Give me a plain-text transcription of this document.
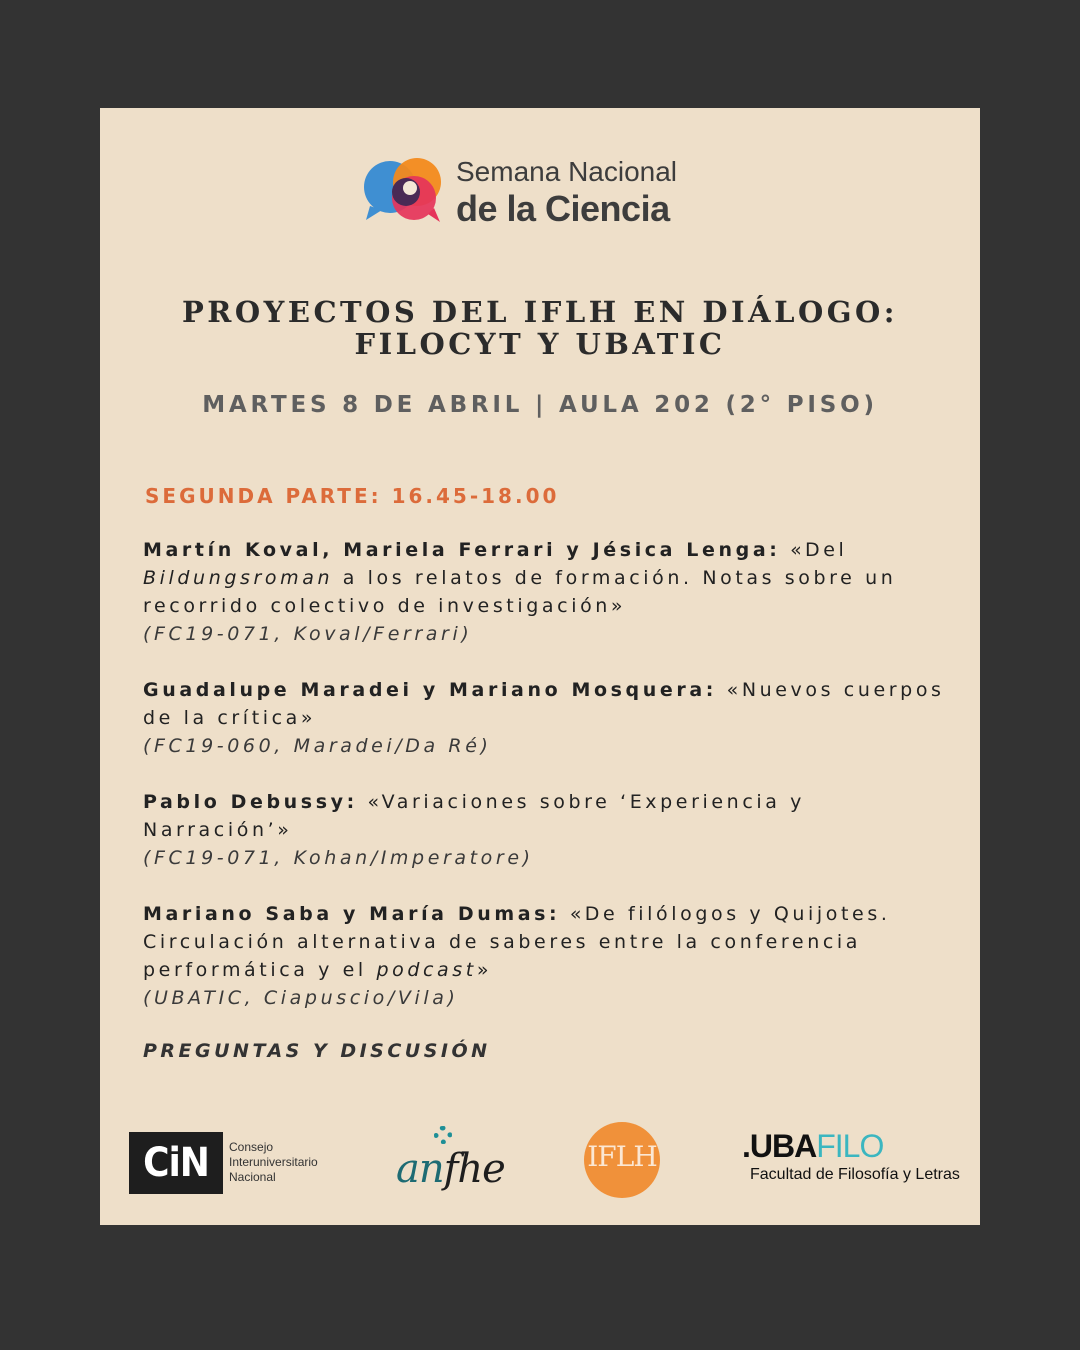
Semana Nacional
de la Ciencia
PROYECTOS DEL IFLH EN DIÁLOGO:
FILOCYT Y UBATIC
MARTES 8 DE ABRIL | AULA 202 (2° PISO)
SEGUNDA PARTE: 16.45-18.00
Martín Koval, Mariela Ferrari y Jésica Lenga: «Del Bildungsroman a los relatos de formación. Notas sobre un recorrido colectivo de investigación»
(FC19-071, Koval/Ferrari)
Guadalupe Maradei y Mariano Mosquera: «Nuevos cuerpos de la crítica»
(FC19-060, Maradei/Da Ré)
Pablo Debussy: «Variaciones sobre ‘Experiencia y Narración’»
(FC19-071, Kohan/Imperatore)
Mariano Saba y María Dumas: «De filólogos y Quijotes. Circulación alternativa de saberes entre la conferencia performática y el podcast»
(UBATIC, Ciapuscio/Vila)
PREGUNTAS Y DISCUSIÓN
CiN	Consejo
Interuniversitario
Nacional	anfhe	IFLH	.UBAFILO
Facultad de Filosofía y Letras
